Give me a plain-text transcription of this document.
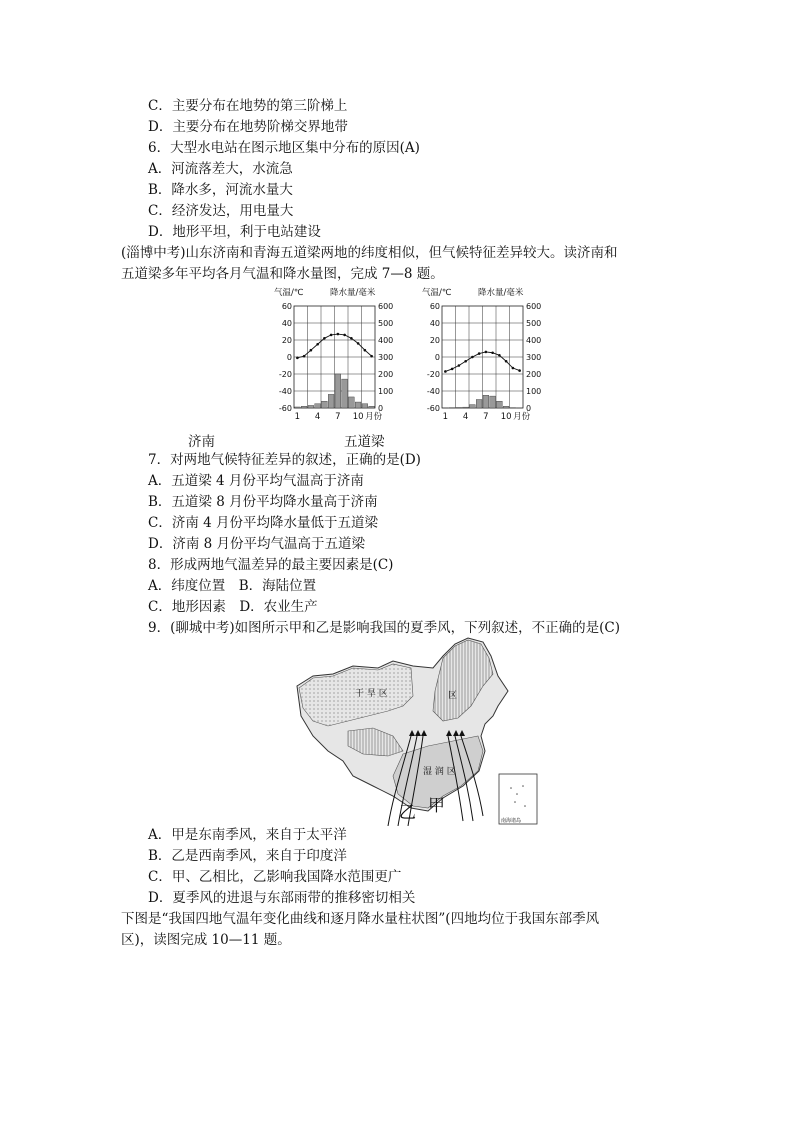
C．主要分布在地势的第三阶梯上
D．主要分布在地势阶梯交界地带
6．大型水电站在图示地区集中分布的原因(A)
A．河流落差大，水流急
B．降水多，河流水量大
C．经济发达，用电量大
D．地形平坦，利于电站建设
(淄博中考)山东济南和青海五道梁两地的纬度相似，但气候特征差异较大。读济南和
五道梁多年平均各月气温和降水量图，完成 7—8 题。
气温/℃	降水量/毫米
60	600
40	500
20	400
0	300
-20	200
-40	100
-60	0
1 4 7 10 月份
气温/℃	降水量/毫米
60	600
40	500
20	400
0	300
-20	200
-40	100
-60	0
1 4 7 10 月份
济南	五道梁
7．对两地气候特征差异的叙述，正确的是(D)
A．五道梁 4 月份平均气温高于济南
B．五道梁 8 月份平均降水量高于济南
C．济南 4 月份平均降水量低于五道梁
D．济南 8 月份平均气温高于五道梁
8．形成两地气温差异的最主要因素是(C)
A．纬度位置　B．海陆位置
C．地形因素　D．农业生产
9．(聊城中考)如图所示甲和乙是影响我国的夏季风，下列叙述，不正确的是(C)
干 旱 区
湿 润 区
区
乙 甲
南海诸岛
A．甲是东南季风，来自于太平洋
B．乙是西南季风，来自于印度洋
C．甲、乙相比，乙影响我国降水范围更广
D．夏季风的进退与东部雨带的推移密切相关
下图是“我国四地气温年变化曲线和逐月降水量柱状图”(四地均位于我国东部季风
区)，读图完成 10—11 题。
